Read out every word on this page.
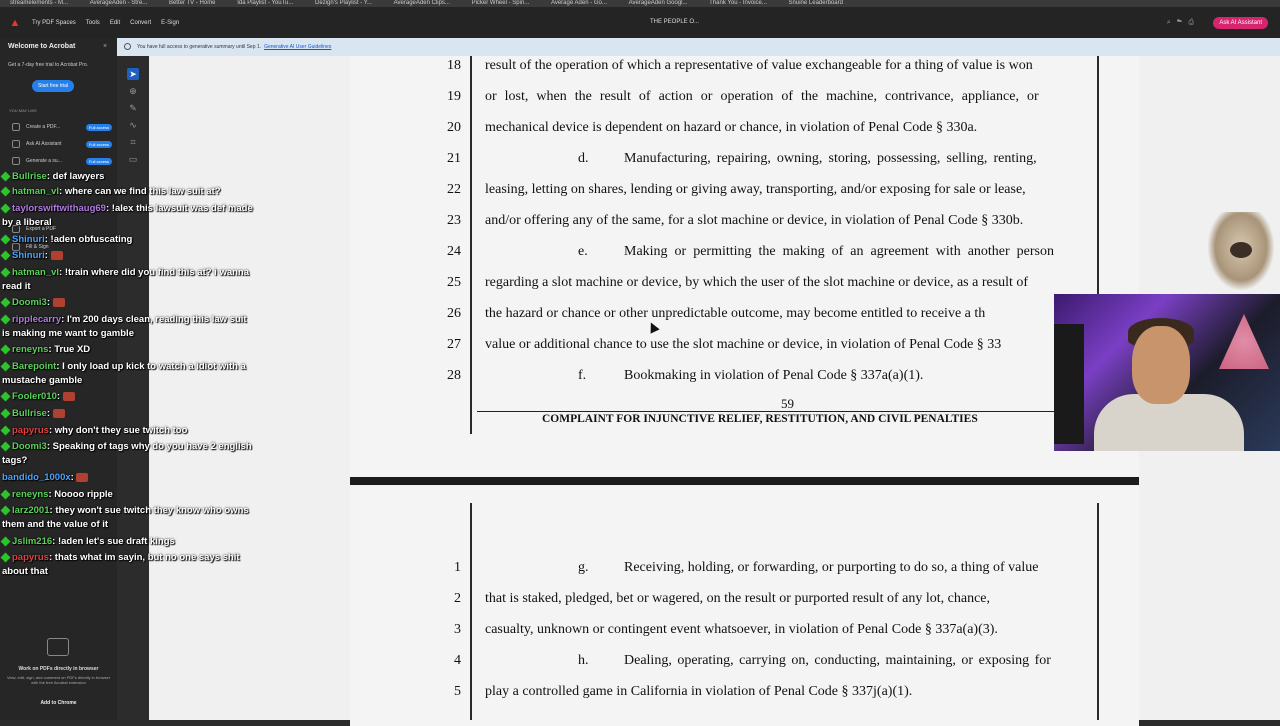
streamelements - M...	AverageAden - Stre...	Better TV - Home	Ida Playlist - YouTu...	Dezign's Playlist - Y...	AverageAden Clips...	Picker Wheel - Spin...	Average Aden - Go...	AverageAden Googl...	Thank You - Invoice...	Snuine Leaderboard
▲ Try PDF Spaces Tools Edit Convert E-Sign	THE PEOPLE O...	⌕☁⎙	Ask AI Assistant
Welcome to Acrobat	×
Get a 7-day free trial to Acrobat Pro.
Start free trial
YOU MAY LIKE
Create a PDF...	Full access
Ask AI Assistant	Full access
Generate a su...	Full access
Export a PDF
Fill & Sign
Work on PDFs directly in browser
View, edit, sign, and comment on PDFs directly in browser with the free Acrobat extension
Add to Chrome
➤
⊕
✎
∿
⌗
▭
You have full access to generative summary until Sep 1. Generative AI User Guidelines
18 result of the operation of which a representative of value exchangeable for a thing of value is won
19 or lost, when the result of action or operation of the machine, contrivance, appliance, or
20 mechanical device is dependent on hazard or chance, in violation of Penal Code § 330a.
21	d.	Manufacturing, repairing, owning, storing, possessing, selling, renting,
22 leasing, letting on shares, lending or giving away, transporting, and/or exposing for sale or lease,
23 and/or offering any of the same, for a slot machine or device, in violation of Penal Code § 330b.
24	e.	Making or permitting the making of an agreement with another person
25 regarding a slot machine or device, by which the user of the slot machine or device, as a result of
26 the hazard or chance or other unpredictable outcome, may become entitled to receive a th
27 value or additional chance to use the slot machine or device, in violation of Penal Code § 33
28	f.	Bookmaking in violation of Penal Code § 337a(a)(1).
59
COMPLAINT FOR INJUNCTIVE RELIEF, RESTITUTION, AND CIVIL PENALTIES
1	g.	Receiving, holding, or forwarding, or purporting to do so, a thing of value
2 that is staked, pledged, bet or wagered, on the result or purported result of any lot, chance,
3 casualty, unknown or contingent event whatsoever, in violation of Penal Code § 337a(a)(3).
4	h.	Dealing, operating, carrying on, conducting, maintaining, or exposing for
5 play a controlled game in California in violation of Penal Code § 337j(a)(1).
Bullrise: def lawyers
hatman_vl: where can we find this law suit at?
taylorswiftwithaug69: !alex this lawsuit was def made by a liberal
Shinuri: !aden obfuscating
Shinuri:
hatman_vl: !train where did you find this at? i wanna read it
Doomi3:
ripplecarry: I'm 200 days clean, reading this law suit is making me want to gamble
reneyns: True XD
Barepoint: I only load up kick to watch a idiot with a mustache gamble
Fooler010:
Bullrise:
papyrus: why don't they sue twitch too
Doomi3: Speaking of tags why do you have 2 english tags?
bandido_1000x:
reneyns: Noooo ripple
larz2001: they won't sue twitch they know who owns them and the value of it
Jslim216: !aden let's sue draft kings
papyrus: thats what im sayin, but no one says shit about that
